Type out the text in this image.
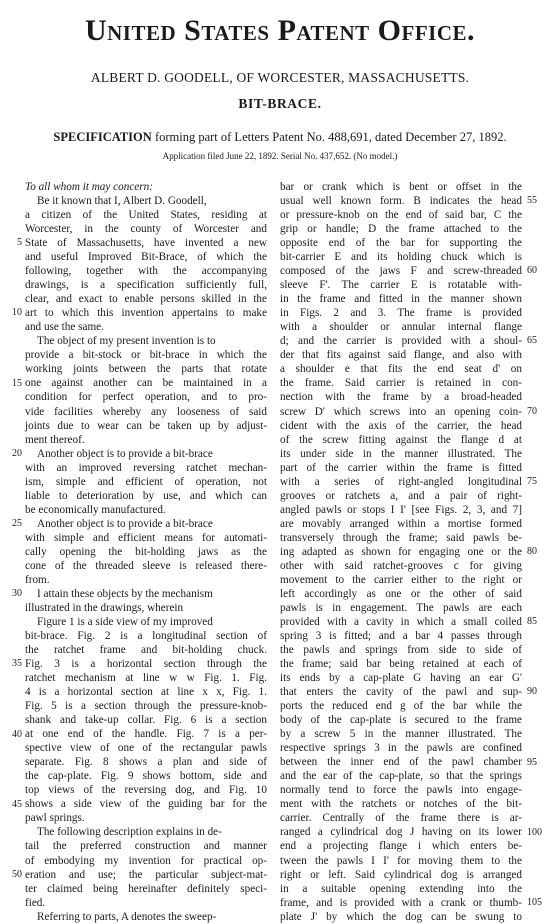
United States Patent Office.
ALBERT D. GOODELL, OF WORCESTER, MASSACHUSETTS.
BIT-BRACE.
SPECIFICATION forming part of Letters Patent No. 488,691, dated December 27, 1892.
Application filed June 22, 1892. Serial No. 437,652. (No model.)
To all whom it may concern:
Be it known that I, Albert D. Goodell,
a citizen of the United States, residing at
Worcester, in the county of Worcester and
State of Massachusetts, have invented a new
and useful Improved Bit-Brace, of which the
following, together with the accompanying
drawings, is a specification sufficiently full,
clear, and exact to enable persons skilled in the
art to which this invention appertains to make
and use the same.
The object of my present invention is to
provide a bit-stock or bit-brace in which the
working joints between the parts that rotate
one against another can be maintained in a
condition for perfect operation, and to pro-
vide facilities whereby any looseness of said
joints due to wear can be taken up by adjust-
ment thereof.
Another object is to provide a bit-brace
with an improved reversing ratchet mechan-
ism, simple and efficient of operation, not
liable to deterioration by use, and which can
be economically manufactured.
Another object is to provide a bit-brace
with simple and efficient means for automati-
cally opening the bit-holding jaws as the
cone of the threaded sleeve is released there-
from.
I attain these objects by the mechanism
illustrated in the drawings, wherein
Figure 1 is a side view of my improved
bit-brace. Fig. 2 is a longitudinal section of
the ratchet frame and bit-holding chuck.
Fig. 3 is a horizontal section through the
ratchet mechanism at line w w Fig. 1. Fig.
4 is a horizontal section at line x x, Fig. 1.
Fig. 5 is a section through the pressure-knob-
shank and take-up collar. Fig. 6 is a section
at one end of the handle. Fig. 7 is a per-
spective view of one of the rectangular pawls
separate. Fig. 8 shows a plan and side of
the cap-plate. Fig. 9 shows bottom, side and
top views of the reversing dog, and Fig. 10
shows a side view of the guiding bar for the
pawl springs.
The following description explains in de-
tail the preferred construction and manner
of embodying my invention for practical op-
eration and use; the particular subject-mat-
ter claimed being hereinafter definitely speci-
fied.
Referring to parts, A denotes the sweep-
bar or crank which is bent or offset in the
usual well known form. B indicates the head
or pressure-knob on the end of said bar, C the
grip or handle; D the frame attached to the
opposite end of the bar for supporting the
bit-carrier E and its holding chuck which is
composed of the jaws F and screw-threaded
sleeve F'. The carrier E is rotatable with-
in the frame and fitted in the manner shown
in Figs. 2 and 3. The frame is provided
with a shoulder or annular internal flange
d; and the carrier is provided with a shoul-
der that fits against said flange, and also with
a shoulder e that fits the end seat d' on
the frame. Said carrier is retained in con-
nection with the frame by a broad-headed
screw D' which screws into an opening coin-
cident with the axis of the carrier, the head
of the screw fitting against the flange d at
its under side in the manner illustrated. The
part of the carrier within the frame is fitted
with a series of right-angled longitudinal
grooves or ratchets a, and a pair of right-
angled pawls or stops I I' [see Figs. 2, 3, and 7]
are movably arranged within a mortise formed
transversely through the frame; said pawls be-
ing adapted as shown for engaging one or the
other with said ratchet-grooves c for giving
movement to the carrier either to the right or
left accordingly as one or the other of said
pawls is in engagement. The pawls are each
provided with a cavity in which a small coiled
spring 3 is fitted; and a bar 4 passes through
the pawls and springs from side to side of
the frame; said bar being retained at each of
its ends by a cap-plate G having an ear G'
that enters the cavity of the pawl and sup-
ports the reduced end g of the bar while the
body of the cap-plate is secured to the frame
by a screw 5 in the manner illustrated. The
respective springs 3 in the pawls are confined
between the inner end of the pawl chamber
and the ear of the cap-plate, so that the springs
normally tend to force the pawls into engage-
ment with the ratchets or notches of the bit-
carrier. Centrally of the frame there is ar-
ranged a cylindrical dog J having on its lower
end a projecting flange i which enters be-
tween the pawls I I' for moving them to the
right or left. Said cylindrical dog is arranged
in a suitable opening extending into the
frame, and is provided with a crank or thumb-
plate J' by which the dog can be swung to
5
10
15
20
25
30
35
40
45
50
55
60
65
70
75
80
85
90
95
100
105
